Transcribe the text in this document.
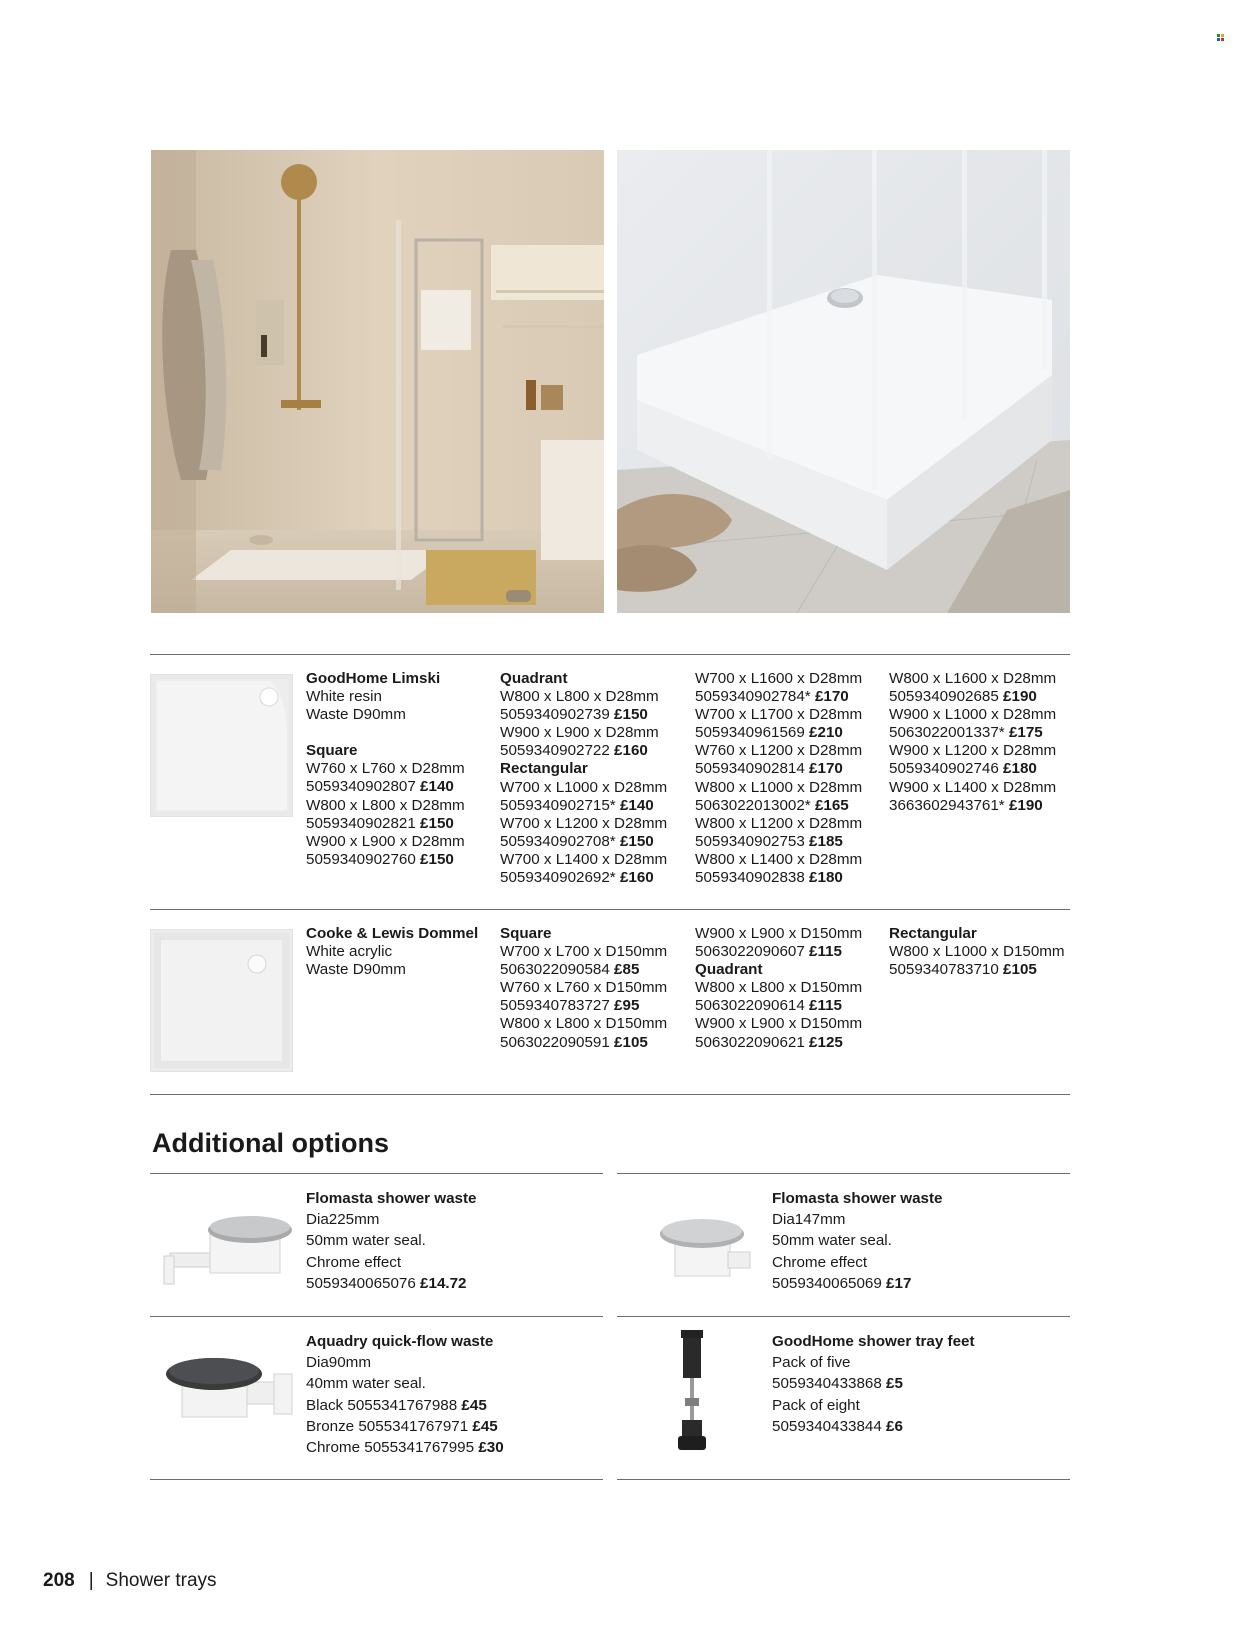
GoodHome Limski
White resin
Waste D90mm
Square
W760 x L760 x D28mm
5059340902807 £140
W800 x L800 x D28mm
5059340902821 £150
W900 x L900 x D28mm
5059340902760 £150
Quadrant
W800 x L800 x D28mm
5059340902739 £150
W900 x L900 x D28mm
5059340902722 £160
Rectangular
W700 x L1000 x D28mm
5059340902715* £140
W700 x L1200 x D28mm
5059340902708* £150
W700 x L1400 x D28mm
5059340902692* £160
W700 x L1600 x D28mm
5059340902784* £170
W700 x L1700 x D28mm
5059340961569 £210
W760 x L1200 x D28mm
5059340902814 £170
W800 x L1000 x D28mm
5063022013002* £165
W800 x L1200 x D28mm
5059340902753 £185
W800 x L1400 x D28mm
5059340902838 £180
W800 x L1600 x D28mm
5059340902685 £190
W900 x L1000 x D28mm
5063022001337* £175
W900 x L1200 x D28mm
5059340902746 £180
W900 x L1400 x D28mm
3663602943761* £190
Cooke & Lewis Dommel
White acrylic
Waste D90mm
Square
W700 x L700 x D150mm
5063022090584 £85
W760 x L760 x D150mm
5059340783727 £95
W800 x L800 x D150mm
5063022090591 £105
W900 x L900 x D150mm
5063022090607 £115
Quadrant
W800 x L800 x D150mm
5063022090614 £115
W900 x L900 x D150mm
5063022090621 £125
Rectangular
W800 x L1000 x D150mm
5059340783710 £105
Additional options
Flomasta shower waste
Dia225mm
50mm water seal.
Chrome effect
5059340065076 £14.72
Flomasta shower waste
Dia147mm
50mm water seal.
Chrome effect
5059340065069 £17
Aquadry quick-flow waste
Dia90mm
40mm water seal.
Black 5055341767988 £45
Bronze 5055341767971 £45
Chrome 5055341767995 £30
GoodHome shower tray feet
Pack of five
5059340433868 £5
Pack of eight
5059340433844 £6
208 | Shower trays
